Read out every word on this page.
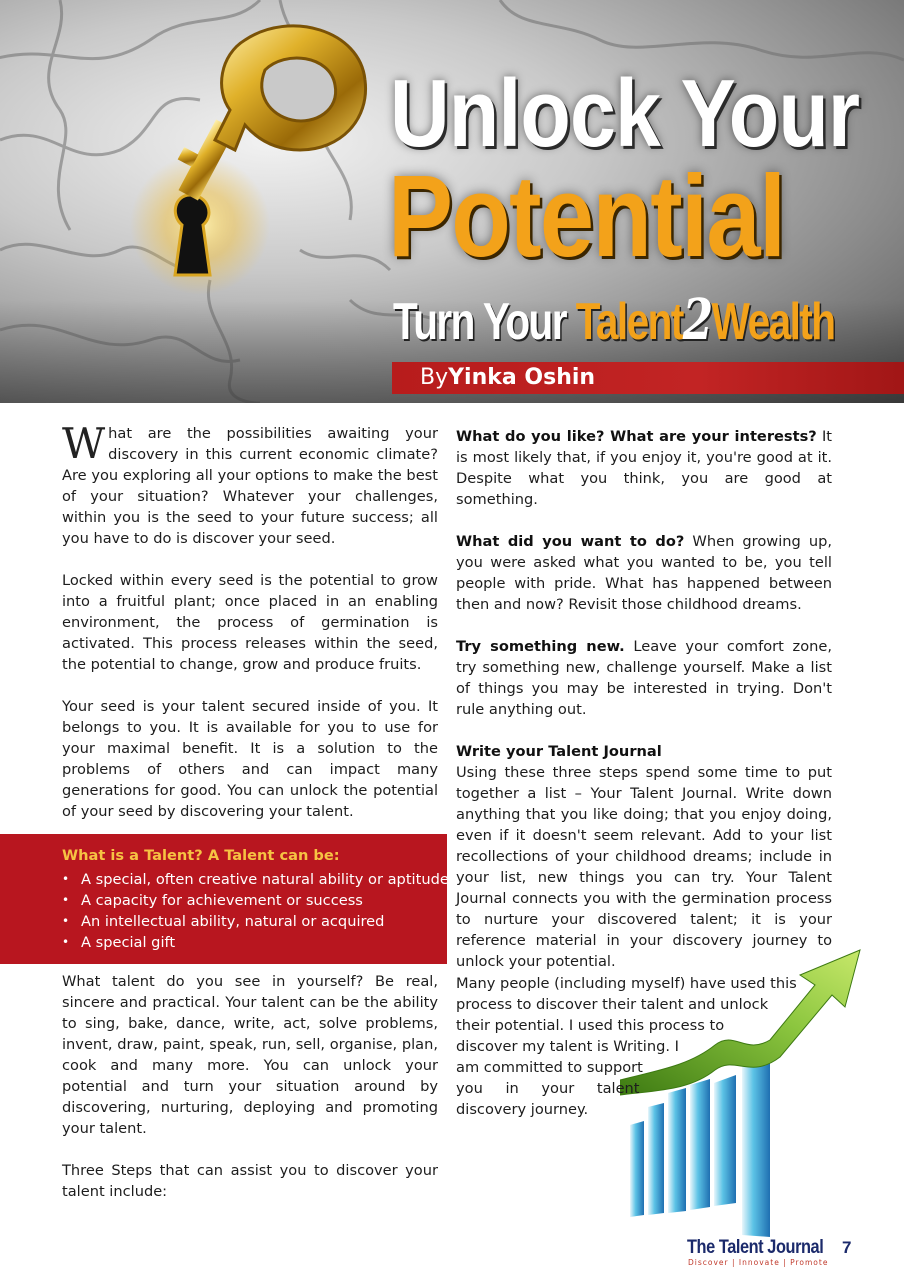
Unlock Your
Potential
Turn Your Talent2Wealth
ByYinka Oshin

What are the possibilities awaiting your discovery in this current economic climate? Are you exploring all your options to make the best of your situation? Whatever your challenges, within you is the seed to your future success; all you have to do is discover your seed.

Locked within every seed is the potential to grow into a fruitful plant; once placed in an enabling environment, the process of germination is activated. This process releases within the seed, the potential to change, grow and produce fruits.

Your seed is your talent secured inside of you. It belongs to you. It is available for you to use for your maximal benefit. It is a solution to the problems of others and can impact many generations for good. You can unlock the potential of your seed by discovering your talent.

What is a Talent? A Talent can be:
• A special, often creative natural ability or aptitude
• A capacity for achievement or success
• An intellectual ability, natural or acquired
• A special gift

What talent do you see in yourself? Be real, sincere and practical. Your talent can be the ability to sing, bake, dance, write, act, solve problems, invent, draw, paint, speak, run, sell, organise, plan, cook and many more. You can unlock your potential and turn your situation around by discovering, nurturing, deploying and promoting your talent.

Three Steps that can assist you to discover your talent include:

What do you like? What are your interests? It is most likely that, if you enjoy it, you're good at it. Despite what you think, you are good at something.

What did you want to do? When growing up, you were asked what you wanted to be, you tell people with pride. What has happened between then and now? Revisit those childhood dreams.

Try something new. Leave your comfort zone, try something new, challenge yourself. Make a list of things you may be interested in trying. Don't rule anything out.

Write your Talent Journal

Using these three steps spend some time to put together a list – Your Talent Journal. Write down anything that you like doing; that you enjoy doing, even if it doesn't seem relevant. Add to your list recollections of your childhood dreams; include in your list, new things you can try. Your Talent Journal connects you with the germination process to nurture your discovered talent; it is your reference material in your discovery journey to unlock your potential.

Many people (including myself) have used this
process to discover their talent and unlock
their potential. I used this process to
discover my talent is Writing. I
am committed to support
you in your talent
discovery journey.
The Talent Journal
Discover | Innovate | Promote
7
